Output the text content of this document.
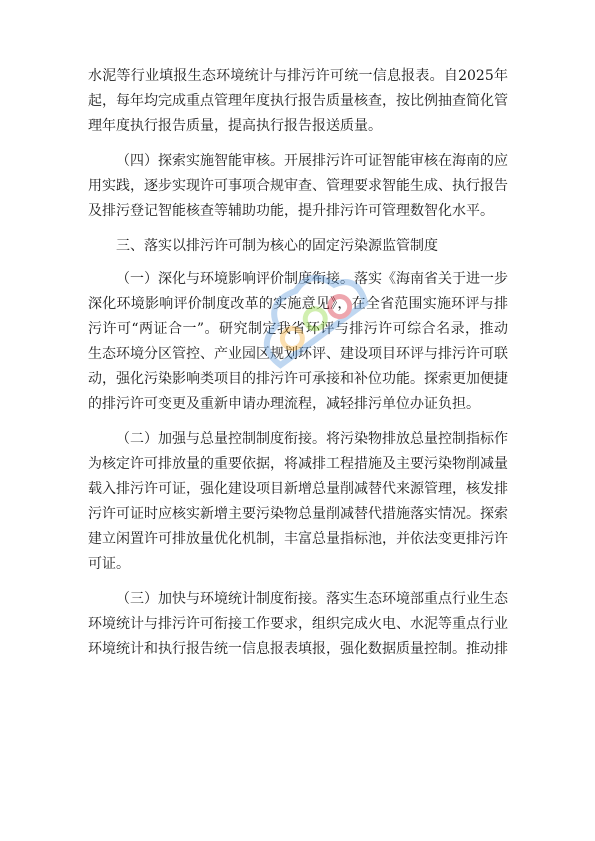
水泥等行业填报生态环境统计与排污许可统一信息报表。自2025年起，每年均完成重点管理年度执行报告质量核查，按比例抽查简化管理年度执行报告质量，提高执行报告报送质量。

（四）探索实施智能审核。开展排污许可证智能审核在海南的应用实践，逐步实现许可事项合规审查、管理要求智能生成、执行报告及排污登记智能核查等辅助功能，提升排污许可管理数智化水平。

三、落实以排污许可制为核心的固定污染源监管制度

（一）深化与环境影响评价制度衔接。落实《海南省关于进一步深化环境影响评价制度改革的实施意见》，在全省范围实施环评与排污许可“两证合一”。研究制定我省环评与排污许可综合名录，推动生态环境分区管控、产业园区规划环评、建设项目环评与排污许可联动，强化污染影响类项目的排污许可承接和补位功能。探索更加便捷的排污许可变更及重新申请办理流程，减轻排污单位办证负担。

（二）加强与总量控制制度衔接。将污染物排放总量控制指标作为核定许可排放量的重要依据，将减排工程措施及主要污染物削减量载入排污许可证，强化建设项目新增总量削减替代来源管理，核发排污许可证时应核实新增主要污染物总量削减替代措施落实情况。探索建立闲置许可排放量优化机制，丰富总量指标池，并依法变更排污许可证。

（三）加快与环境统计制度衔接。落实生态环境部重点行业生态环境统计与排污许可衔接工作要求，组织完成火电、水泥等重点行业环境统计和执行报告统一信息报表填报，强化数据质量控制。推动排
